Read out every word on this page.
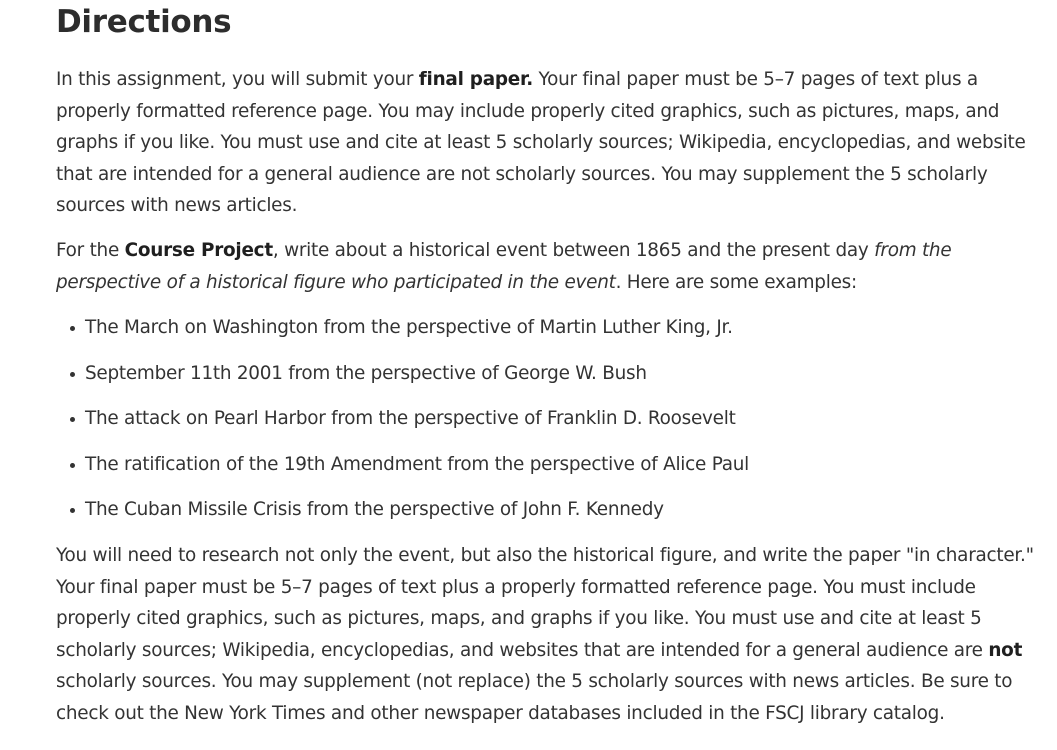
Directions
In this assignment, you will submit your final paper. Your final paper must be 5–7 pages of text plus a
properly formatted reference page. You may include properly cited graphics, such as pictures, maps, and
graphs if you like. You must use and cite at least 5 scholarly sources; Wikipedia, encyclopedias, and website
that are intended for a general audience are not scholarly sources. You may supplement the 5 scholarly
sources with news articles.
For the Course Project, write about a historical event between 1865 and the present day from the
perspective of a historical figure who participated in the event. Here are some examples:
The March on Washington from the perspective of Martin Luther King, Jr.
September 11th 2001 from the perspective of George W. Bush
The attack on Pearl Harbor from the perspective of Franklin D. Roosevelt
The ratification of the 19th Amendment from the perspective of Alice Paul
The Cuban Missile Crisis from the perspective of John F. Kennedy
You will need to research not only the event, but also the historical figure, and write the paper "in character."
Your final paper must be 5–7 pages of text plus a properly formatted reference page. You must include
properly cited graphics, such as pictures, maps, and graphs if you like. You must use and cite at least 5
scholarly sources; Wikipedia, encyclopedias, and websites that are intended for a general audience are not
scholarly sources. You may supplement (not replace) the 5 scholarly sources with news articles. Be sure to
check out the New York Times and other newspaper databases included in the FSCJ library catalog.
